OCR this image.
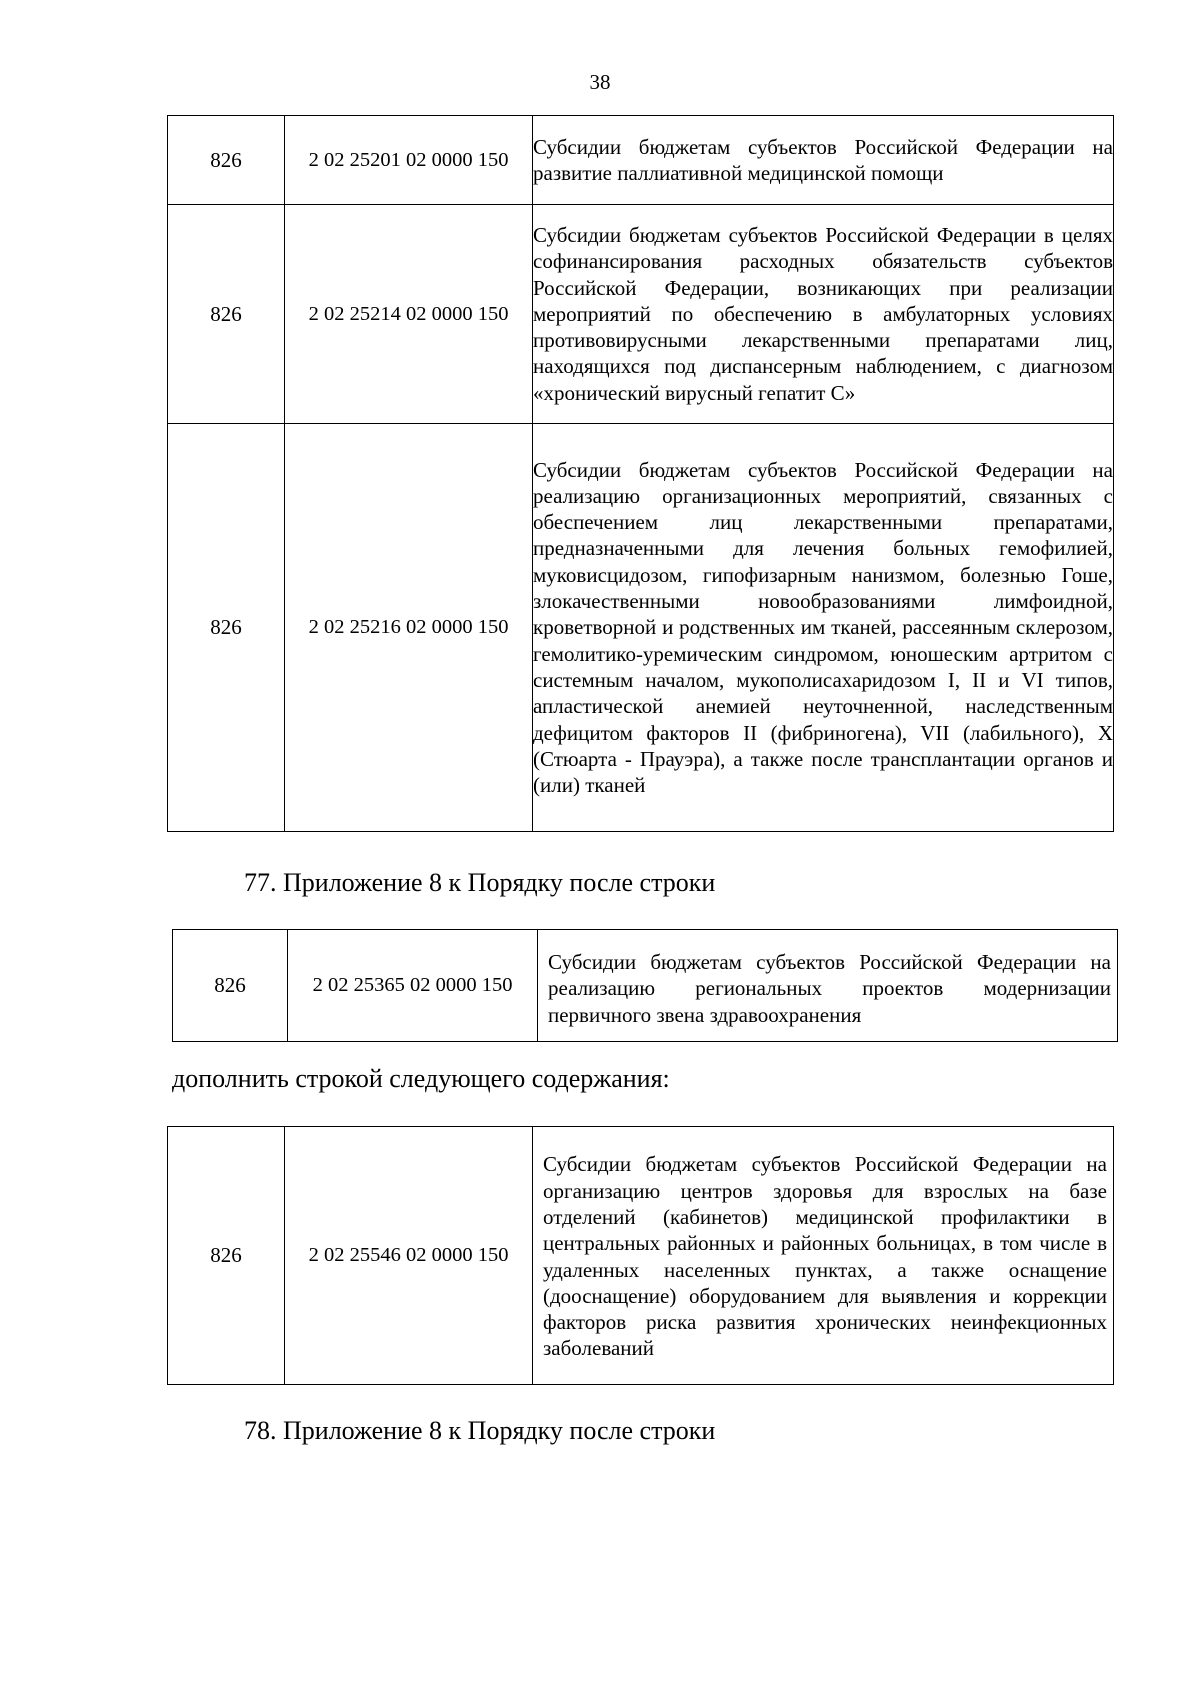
38
826	2 02 25201 02 0000 150	Субсидии бюджетам субъектов Российской Федерации на развитие паллиативной медицинской помощи
826	2 02 25214 02 0000 150	Субсидии бюджетам субъектов Российской Федерации в целях софинансирования расходных обязательств субъектов Российской Федерации, возникающих при реализации мероприятий по обеспечению в амбулаторных условиях противовирусными лекарственными препаратами лиц, находящихся под диспансерным наблюдением, с диагнозом «хронический вирусный гепатит C»
826	2 02 25216 02 0000 150	Субсидии бюджетам субъектов Российской Федерации на реализацию организационных мероприятий, связанных с обеспечением лиц лекарственными препаратами, предназначенными для лечения больных гемофилией, муковисцидозом, гипофизарным нанизмом, болезнью Гоше, злокачественными новообразованиями лимфоидной, кроветворной и родственных им тканей, рассеянным склерозом, гемолитико-уремическим синдромом, юношеским артритом с системным началом, мукополисахаридозом I, II и VI типов, апластической анемией неуточненной, наследственным дефицитом факторов II (фибриногена), VII (лабильного), X (Стюарта - Прауэра), а также после трансплантации органов и (или) тканей
77. Приложение 8 к Порядку после строки
826	2 02 25365 02 0000 150	Субсидии бюджетам субъектов Российской Федерации на реализацию региональных проектов модернизации первичного звена здравоохранения
дополнить строкой следующего содержания:
826	2 02 25546 02 0000 150	Субсидии бюджетам субъектов Российской Федерации на организацию центров здоровья для взрослых на базе отделений (кабинетов) медицинской профилактики в центральных районных и районных больницах, в том числе в удаленных населенных пунктах, а также оснащение (дооснащение) оборудованием для выявления и коррекции факторов риска развития хронических неинфекционных заболеваний
78. Приложение 8 к Порядку после строки
